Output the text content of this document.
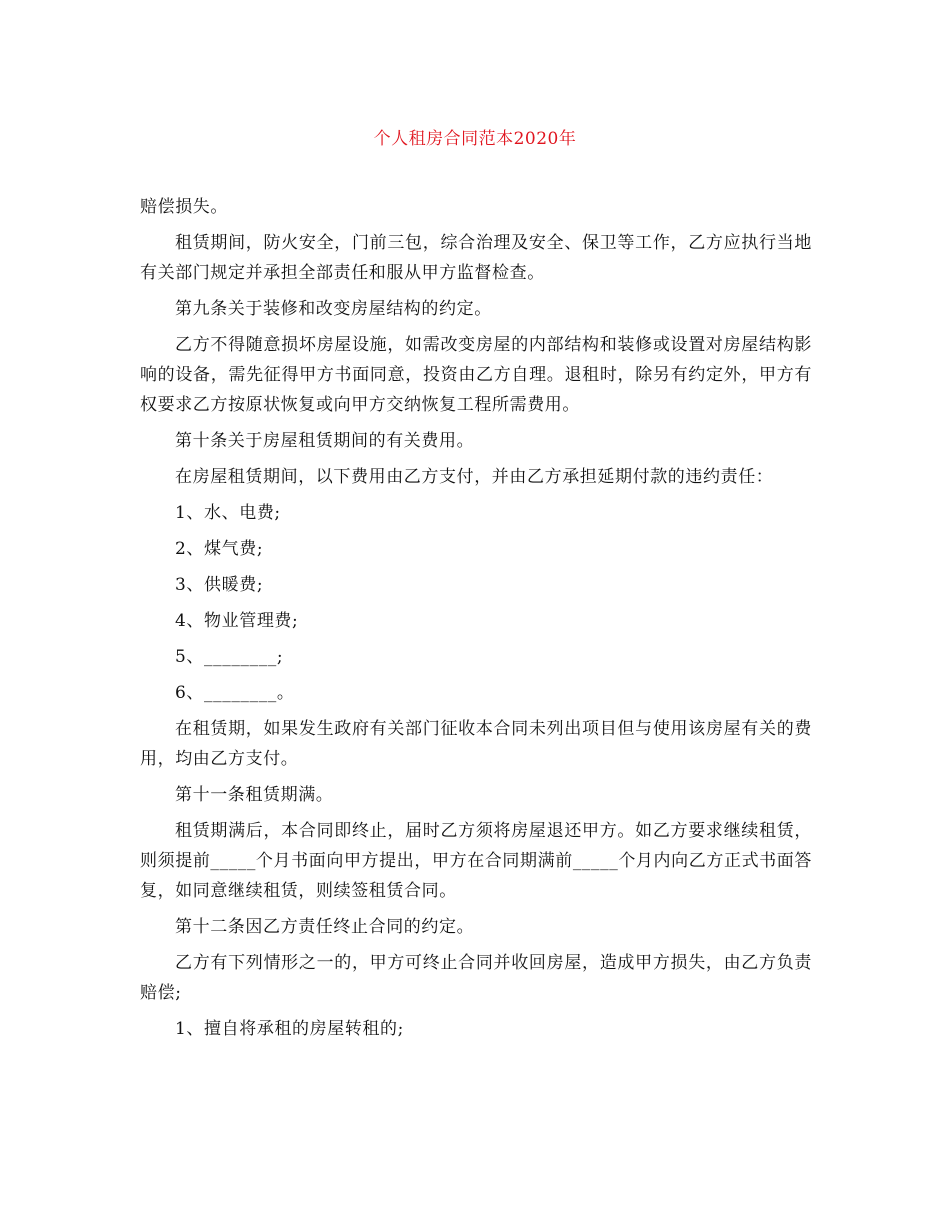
个人租房合同范本2020年

赔偿损失。

租赁期间，防火安全，门前三包，综合治理及安全、保卫等工作，乙方应执行当地有关部门规定并承担全部责任和服从甲方监督检查。

第九条关于装修和改变房屋结构的约定。

乙方不得随意损坏房屋设施，如需改变房屋的内部结构和装修或设置对房屋结构影响的设备，需先征得甲方书面同意，投资由乙方自理。退租时，除另有约定外，甲方有权要求乙方按原状恢复或向甲方交纳恢复工程所需费用。

第十条关于房屋租赁期间的有关费用。

在房屋租赁期间，以下费用由乙方支付，并由乙方承担延期付款的违约责任：

1、水、电费;

2、煤气费;

3、供暖费;

4、物业管理费;

5、________;

6、________。

在租赁期，如果发生政府有关部门征收本合同未列出项目但与使用该房屋有关的费用，均由乙方支付。

第十一条租赁期满。

租赁期满后，本合同即终止，届时乙方须将房屋退还甲方。如乙方要求继续租赁，则须提前_____个月书面向甲方提出，甲方在合同期满前_____个月内向乙方正式书面答复，如同意继续租赁，则续签租赁合同。

第十二条因乙方责任终止合同的约定。

乙方有下列情形之一的，甲方可终止合同并收回房屋，造成甲方损失，由乙方负责赔偿;

1、擅自将承租的房屋转租的;
